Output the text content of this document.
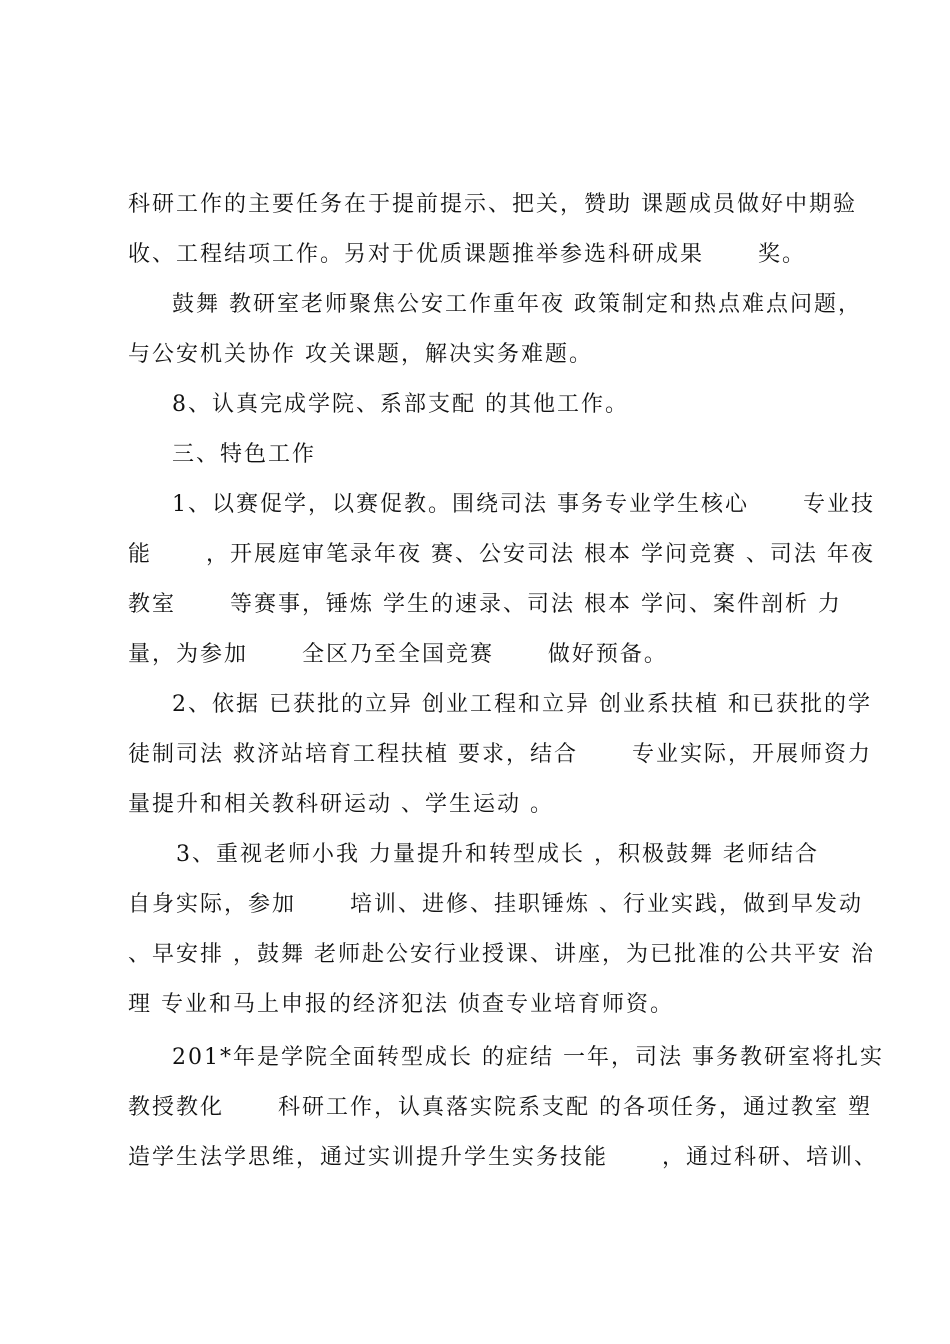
科研工作的主要任务在于提前提示、把关，赞助 课题成员做好中期验
收、工程结项工作。另对于优质课题推举参选科研成果      奖。
鼓舞 教研室老师聚焦公安工作重年夜 政策制定和热点难点问题，
与公安机关协作 攻关课题，解决实务难题。
8、认真完成学院、系部支配 的其他工作。
三、特色工作
1、以赛促学，以赛促教。围绕司法 事务专业学生核心      专业技
能      ，开展庭审笔录年夜 赛、公安司法 根本 学问竞赛 、司法 年夜
教室      等赛事，锤炼 学生的速录、司法 根本 学问、案件剖析 力
量，为参加      全区乃至全国竞赛      做好预备。
2、依据 已获批的立异 创业工程和立异 创业系扶植 和已获批的学
徒制司法 救济站培育工程扶植 要求，结合      专业实际，开展师资力
量提升和相关教科研运动 、学生运动 。
3、重视老师小我 力量提升和转型成长 ，积极鼓舞 老师结合
自身实际，参加      培训、进修、挂职锤炼 、行业实践，做到早发动
、早安排 ，鼓舞 老师赴公安行业授课、讲座，为已批准的公共平安 治
理 专业和马上申报的经济犯法 侦查专业培育师资。
201*年是学院全面转型成长 的症结 一年，司法 事务教研室将扎实
教授教化      科研工作，认真落实院系支配 的各项任务，通过教室 塑
造学生法学思维，通过实训提升学生实务技能      ，通过科研、培训、
